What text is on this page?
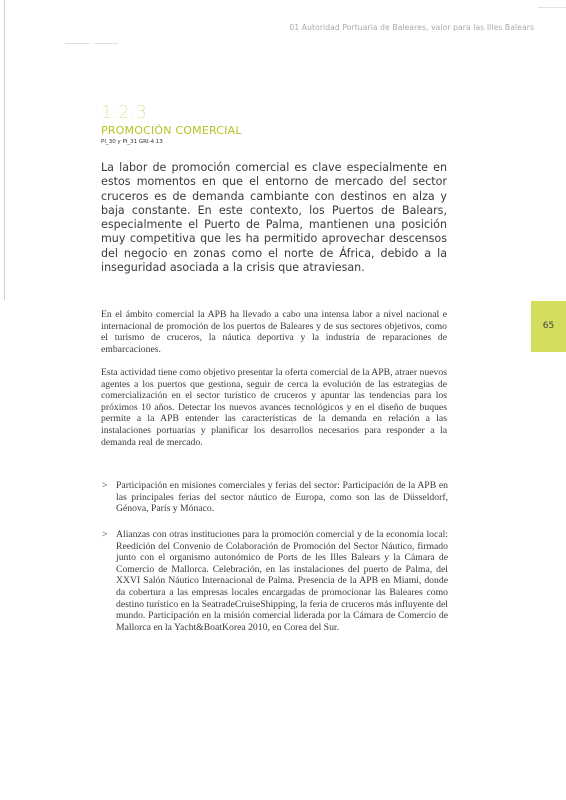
01 Autoridad Portuaria de Baleares, valor para las Illes Balears
1.2.3
PROMOCIÓN COMERCIAL
PI_30 y PI_31 GRI-4.13
La labor de promoción comercial es clave especialmente en estos momentos en que el entorno de mercado del sector cruceros es de demanda cambiante con destinos en alza y baja constante. En este contexto, los Puertos de Balears, especialmente el Puerto de Palma, mantienen una posición muy competitiva que les ha permitido aprovechar descensos del negocio en zonas como el norte de África, debido a la inseguridad asociada a la crisis que atraviesan.
En el ámbito comercial la APB ha llevado a cabo una intensa labor a nivel nacional e internacional de promoción de los puertos de Baleares y de sus sectores objetivos, como el turismo de cruceros, la náutica deportiva y la industria de reparaciones de embarcaciones.
Esta actividad tiene como objetivo presentar la oferta comercial de la APB, atraer nuevos agentes a los puertos que gestiona, seguir de cerca la evolución de las estrategias de comercialización en el sector turístico de cruceros y apuntar las tendencias para los próximos 10 años. Detectar los nuevos avances tecnológicos y en el diseño de buques permite a la APB entender las características de la demanda en relación a las instalaciones portuarias y planificar los desarrollos necesarios para responder a la demanda real de mercado.
> Participación en misiones comerciales y ferias del sector: Participación de la APB en las principales ferias del sector náutico de Europa, como son las de Düsseldorf, Génova, París y Mónaco.
> Alianzas con otras instituciones para la promoción comercial y de la economía local: Reedición del Convenio de Colaboración de Promoción del Sector Náutico, firmado junto con el organismo autonómico de Ports de les Illes Balears y la Cámara de Comercio de Mallorca. Celebración, en las instalaciones del puerto de Palma, del XXVI Salón Náutico Internacional de Palma. Presencia de la APB en Miami, donde da cobertura a las empresas locales encargadas de promocionar las Baleares como destino turístico en la SeatradeCruiseShipping, la feria de cruceros más influyente del mundo. Participación en la misión comercial liderada por la Cámara de Comercio de Mallorca en la Yacht&BoatKorea 2010, en Corea del Sur.
65
